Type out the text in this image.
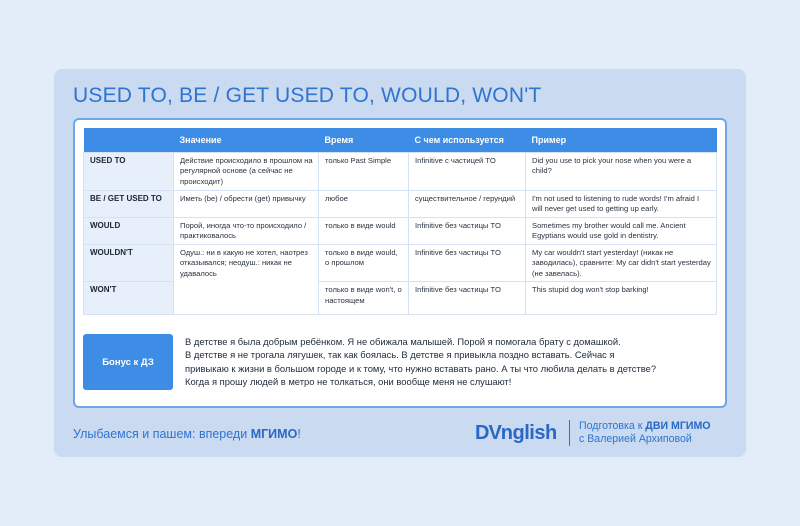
USED TO, BE / GET USED TO, WOULD, WON'T
	Значение	Время	С чем используется	Пример
USED TO	Действие происходило в прошлом на регулярной основе (а сейчас не происходит)	только Past Simple	Infinitive с частицей TO	Did you use to pick your nose when you were a child?
BE / GET USED TO	Иметь (be) / обрести (get) привычку	любое	существительное / герундий	I'm not used to listening to rude words! I'm afraid I will never get used to getting up early.
WOULD	Порой, иногда что-то происходило / практиковалось	только в виде would	Infinitive без частицы TO	Sometimes my brother would call me. Ancient Egyptians would use gold in dentistry.
WOULDN'T	Одуш.: ни в какую не хотел, наотрез отказывался; неодуш.: никак не удавалось	только в виде would, о прошлом	Infinitive без частицы TO	My car wouldn't start yesterday! (никак не заводилась), сравните: My car didn't start yesterday (не завелась).
WON'T		только в виде won't, о настоящем	Infinitive без частицы TO	This stupid dog won't stop barking!
Бонус к ДЗ
В детстве я была добрым ребёнком. Я не обижала малышей. Порой я помогала брату с домашкой.
В детстве я не трогала лягушек, так как боялась. В детстве я привыкла поздно вставать. Сейчас я
привыкаю к жизни в большом городе и к тому, что нужно вставать рано. А ты что любила делать в детстве?
Когда я прошу людей в метро не толкаться, они вообще меня не слушают!
Улыбаемся и пашем: впереди МГИМО!	DV nglish Подготовка к ДВИ МГИМО
с Валерией Архиповой
